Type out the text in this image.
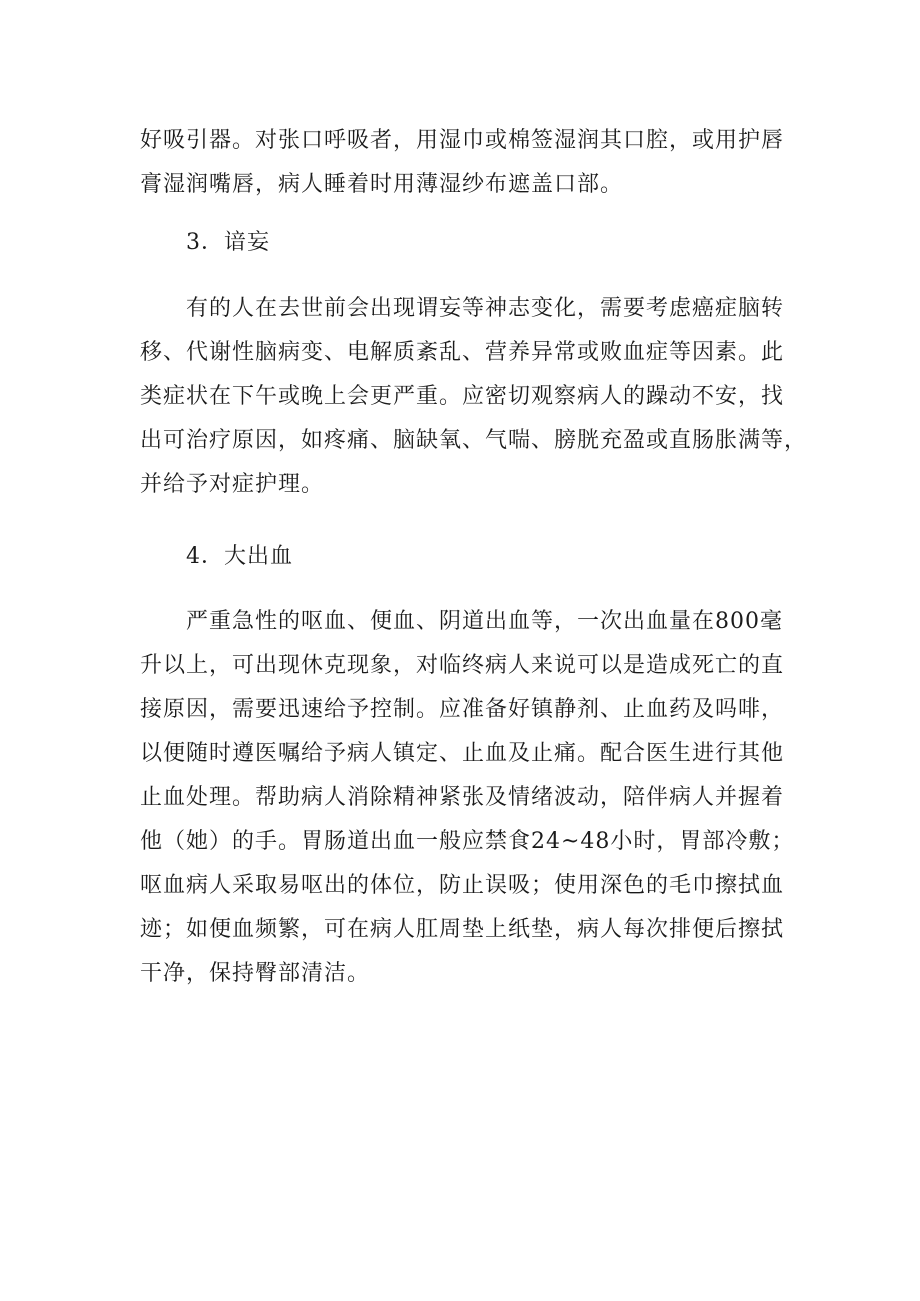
好吸引器。对张口呼吸者，用湿巾或棉签湿润其口腔，或用护唇
膏湿润嘴唇，病人睡着时用薄湿纱布遮盖口部。
3．谙妄
有的人在去世前会出现谓妄等神志变化，需要考虑癌症脑转
移、代谢性脑病变、电解质紊乱、营养异常或败血症等因素。此
类症状在下午或晚上会更严重。应密切观察病人的躁动不安，找
出可治疗原因，如疼痛、脑缺氧、气喘、膀胱充盈或直肠胀满等，
并给予对症护理。
4．大出血
严重急性的呕血、便血、阴道出血等，一次出血量在800毫
升以上，可出现休克现象，对临终病人来说可以是造成死亡的直
接原因，需要迅速给予控制。应准备好镇静剂、止血药及吗啡，
以便随时遵医嘱给予病人镇定、止血及止痛。配合医生进行其他
止血处理。帮助病人消除精神紧张及情绪波动，陪伴病人并握着
他（她）的手。胃肠道出血一般应禁食24~48小时，胃部冷敷；
呕血病人采取易呕出的体位，防止误吸；使用深色的毛巾擦拭血
迹；如便血频繁，可在病人肛周垫上纸垫，病人每次排便后擦拭
干净，保持臀部清洁。
